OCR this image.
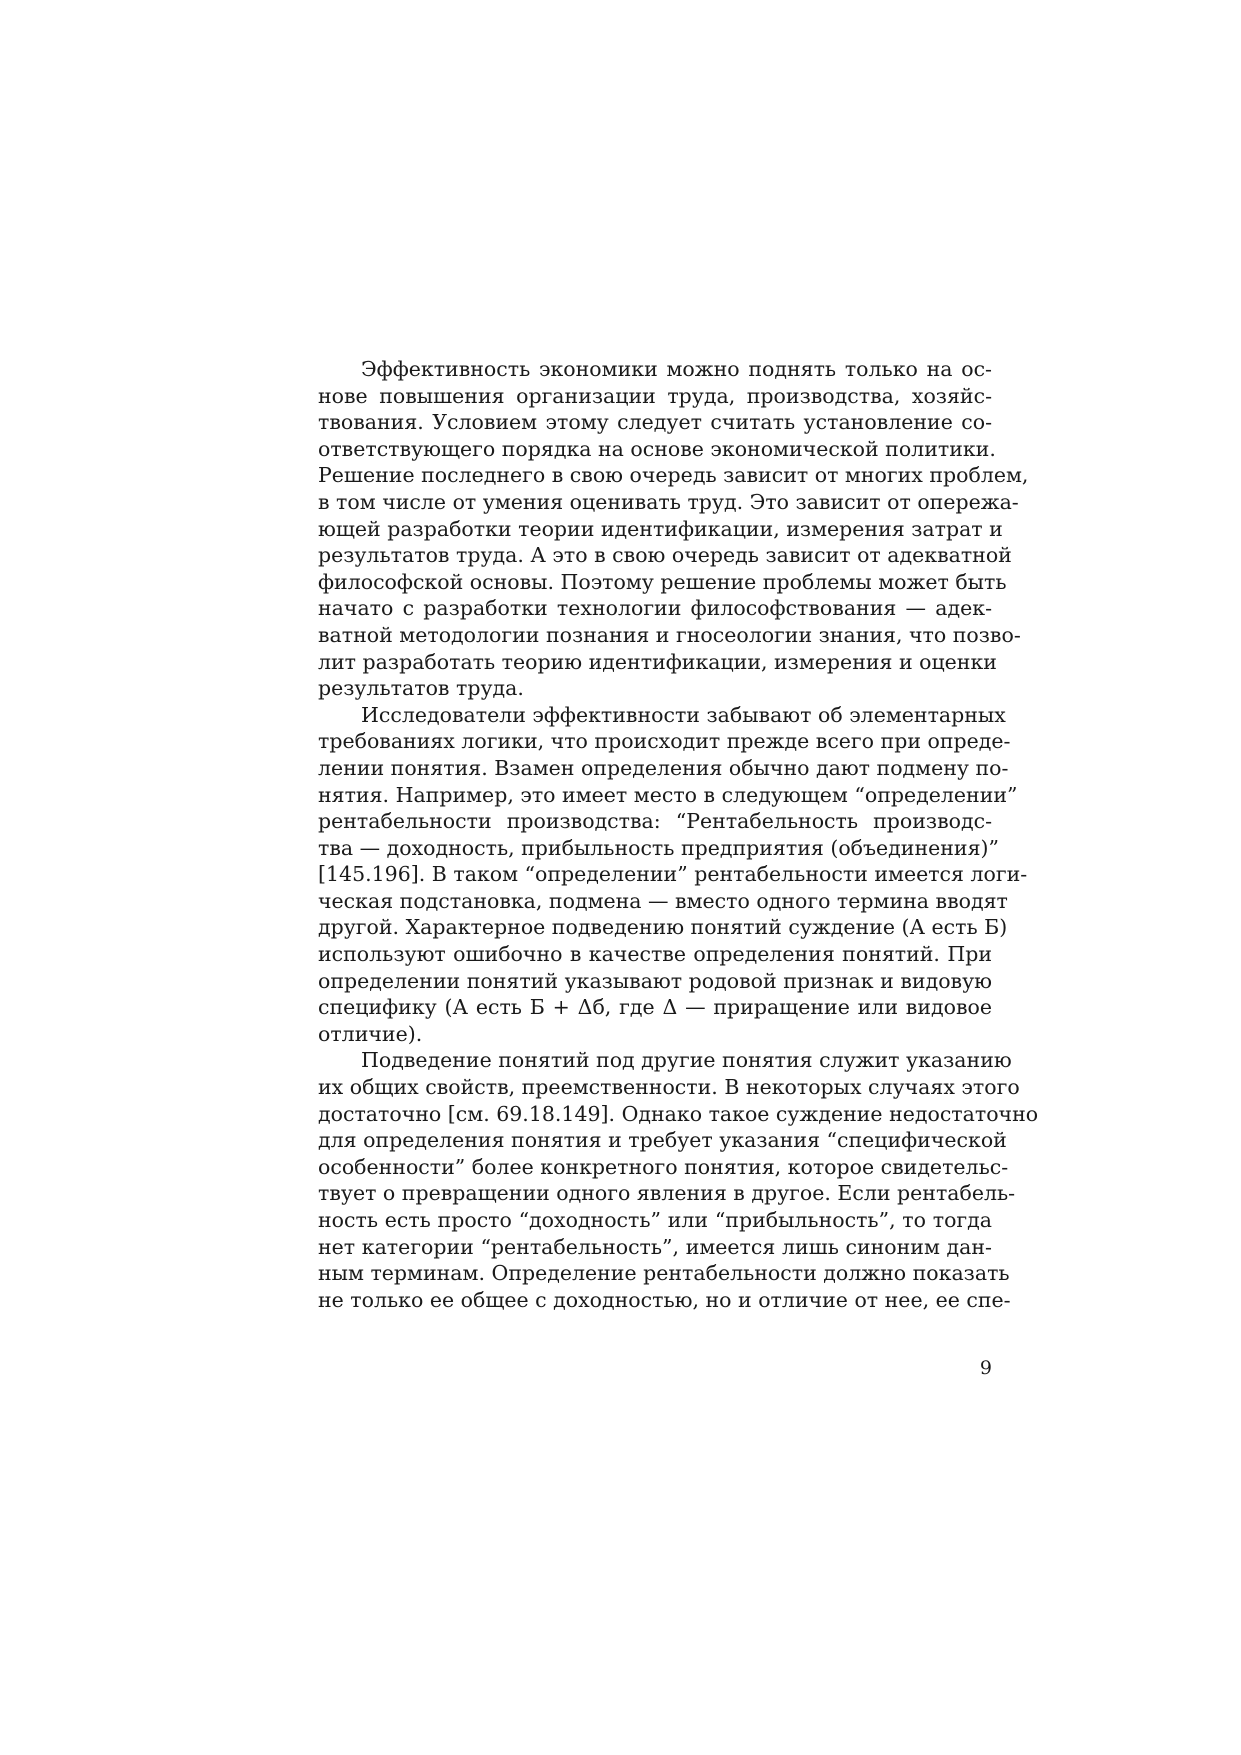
Эффективность экономики можно поднять только на ос-
нове повышения организации труда, производства, хозяйс-
твования. Условием этому следует считать установление со-
ответствующего порядка на основе экономической политики.
Решение последнего в свою очередь зависит от многих проблем,
в том числе от умения оценивать труд. Это зависит от опережа-
ющей разработки теории идентификации, измерения затрат и
результатов труда. А это в свою очередь зависит от адекватной
философской основы. Поэтому решение проблемы может быть
начато с разработки технологии философствования — адек-
ватной методологии познания и гносеологии знания, что позво-
лит разработать теорию идентификации, измерения и оценки
результатов труда.
Исследователи эффективности забывают об элементарных
требованиях логики, что происходит прежде всего при опреде-
лении понятия. Взамен определения обычно дают подмену по-
нятия. Например, это имеет место в следующем “определении”
рентабельности производства: “Рентабельность производс-
тва — доходность, прибыльность предприятия (объединения)”
[145.196]. В таком “определении” рентабельности имеется логи-
ческая подстановка, подмена — вместо одного термина вводят
другой. Характерное подведению понятий суждение (А есть Б)
используют ошибочно в качестве определения понятий. При
определении понятий указывают родовой признак и видовую
специфику (А есть Б + Δб, где Δ — приращение или видовое
отличие).
Подведение понятий под другие понятия служит указанию
их общих свойств, преемственности. В некоторых случаях этого
достаточно [см. 69.18.149]. Однако такое суждение недостаточно
для определения понятия и требует указания “специфической
особенности” более конкретного понятия, которое свидетельс-
твует о превращении одного явления в другое. Если рентабель-
ность есть просто “доходность” или “прибыльность”, то тогда
нет категории “рентабельность”, имеется лишь синоним дан-
ным терминам. Определение рентабельности должно показать
не только ее общее с доходностью, но и отличие от нее, ее спе-
9
